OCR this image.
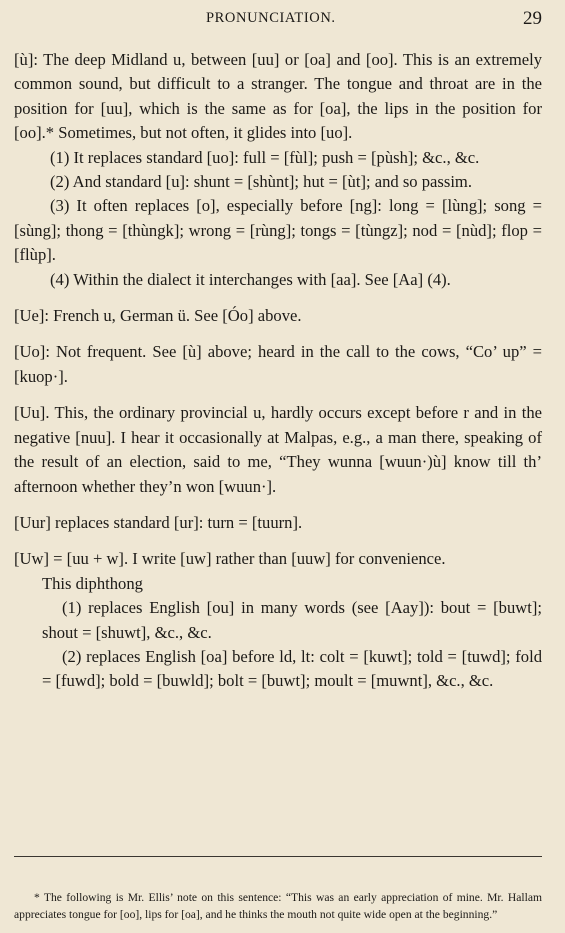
PRONUNCIATION.	29

[ù]: The deep Midland u, between [uu] or [oa] and [oo]. This is an extremely common sound, but difficult to a stranger. The tongue and throat are in the position for [uu], which is the same as for [oa], the lips in the position for [oo].* Sometimes, but not often, it glides into [uo].

(1) It replaces standard [uo]: full = [fùl]; push = [pùsh]; &c., &c.

(2) And standard [u]: shunt = [shùnt]; hut = [ùt]; and so passim.

(3) It often replaces [o], especially before [ng]: long = [lùng]; song = [sùng]; thong = [thùngk]; wrong = [rùng]; tongs = [tùngz]; nod = [nùd]; flop = [flùp].

(4) Within the dialect it interchanges with [aa]. See [Aa] (4).

[Ue]: French u, German ü. See [Óo] above.

[Uo]: Not frequent. See [ù] above; heard in the call to the cows, “Co’ up” = [kuop·].

[Uu]. This, the ordinary provincial u, hardly occurs except before r and in the negative [nuu]. I hear it occasionally at Malpas, e.g., a man there, speaking of the result of an election, said to me, “They wunna [wuun·)ù] know till th’ afternoon whether they’n won [wuun·].

[Uur] replaces standard [ur]: turn = [tuurn].

[Uw] = [uu + w]. I write [uw] rather than [uuw] for convenience.

This diphthong

(1) replaces English [ou] in many words (see [Aay]): bout = [buwt]; shout = [shuwt], &c., &c.

(2) replaces English [oa] before ld, lt: colt = [kuwt]; told = [tuwd]; fold = [fuwd]; bold = [buwld]; bolt = [buwt]; moult = [muwnt], &c., &c.

* The following is Mr. Ellis’ note on this sentence: “This was an early appreciation of mine. Mr. Hallam appreciates tongue for [oo], lips for [oa], and he thinks the mouth not quite wide open at the beginning.”
